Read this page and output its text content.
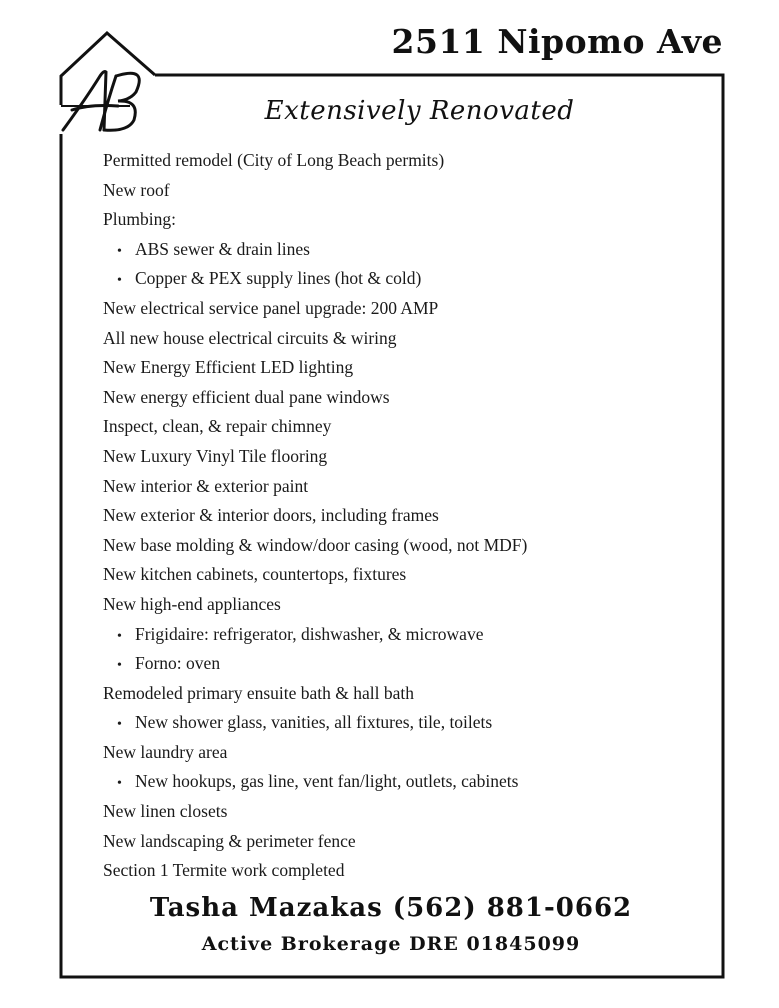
2511 Nipomo Ave
Extensively Renovated
Permitted remodel (City of Long Beach permits)
New roof
Plumbing:
• ABS sewer & drain lines
• Copper & PEX supply lines (hot & cold)
New electrical service panel upgrade: 200 AMP
All new house electrical circuits & wiring
New Energy Efficient LED lighting
New energy efficient dual pane windows
Inspect, clean, & repair chimney
New Luxury Vinyl Tile flooring
New interior & exterior paint
New exterior & interior doors, including frames
New base molding & window/door casing (wood, not MDF)
New kitchen cabinets, countertops, fixtures
New high-end appliances
• Frigidaire: refrigerator, dishwasher, & microwave
• Forno: oven
Remodeled primary ensuite bath & hall bath
• New shower glass, vanities, all fixtures, tile, toilets
New laundry area
• New hookups, gas line, vent fan/light, outlets, cabinets
New linen closets
New landscaping & perimeter fence
Section 1 Termite work completed
Tasha Mazakas (562) 881-0662
Active Brokerage DRE 01845099
